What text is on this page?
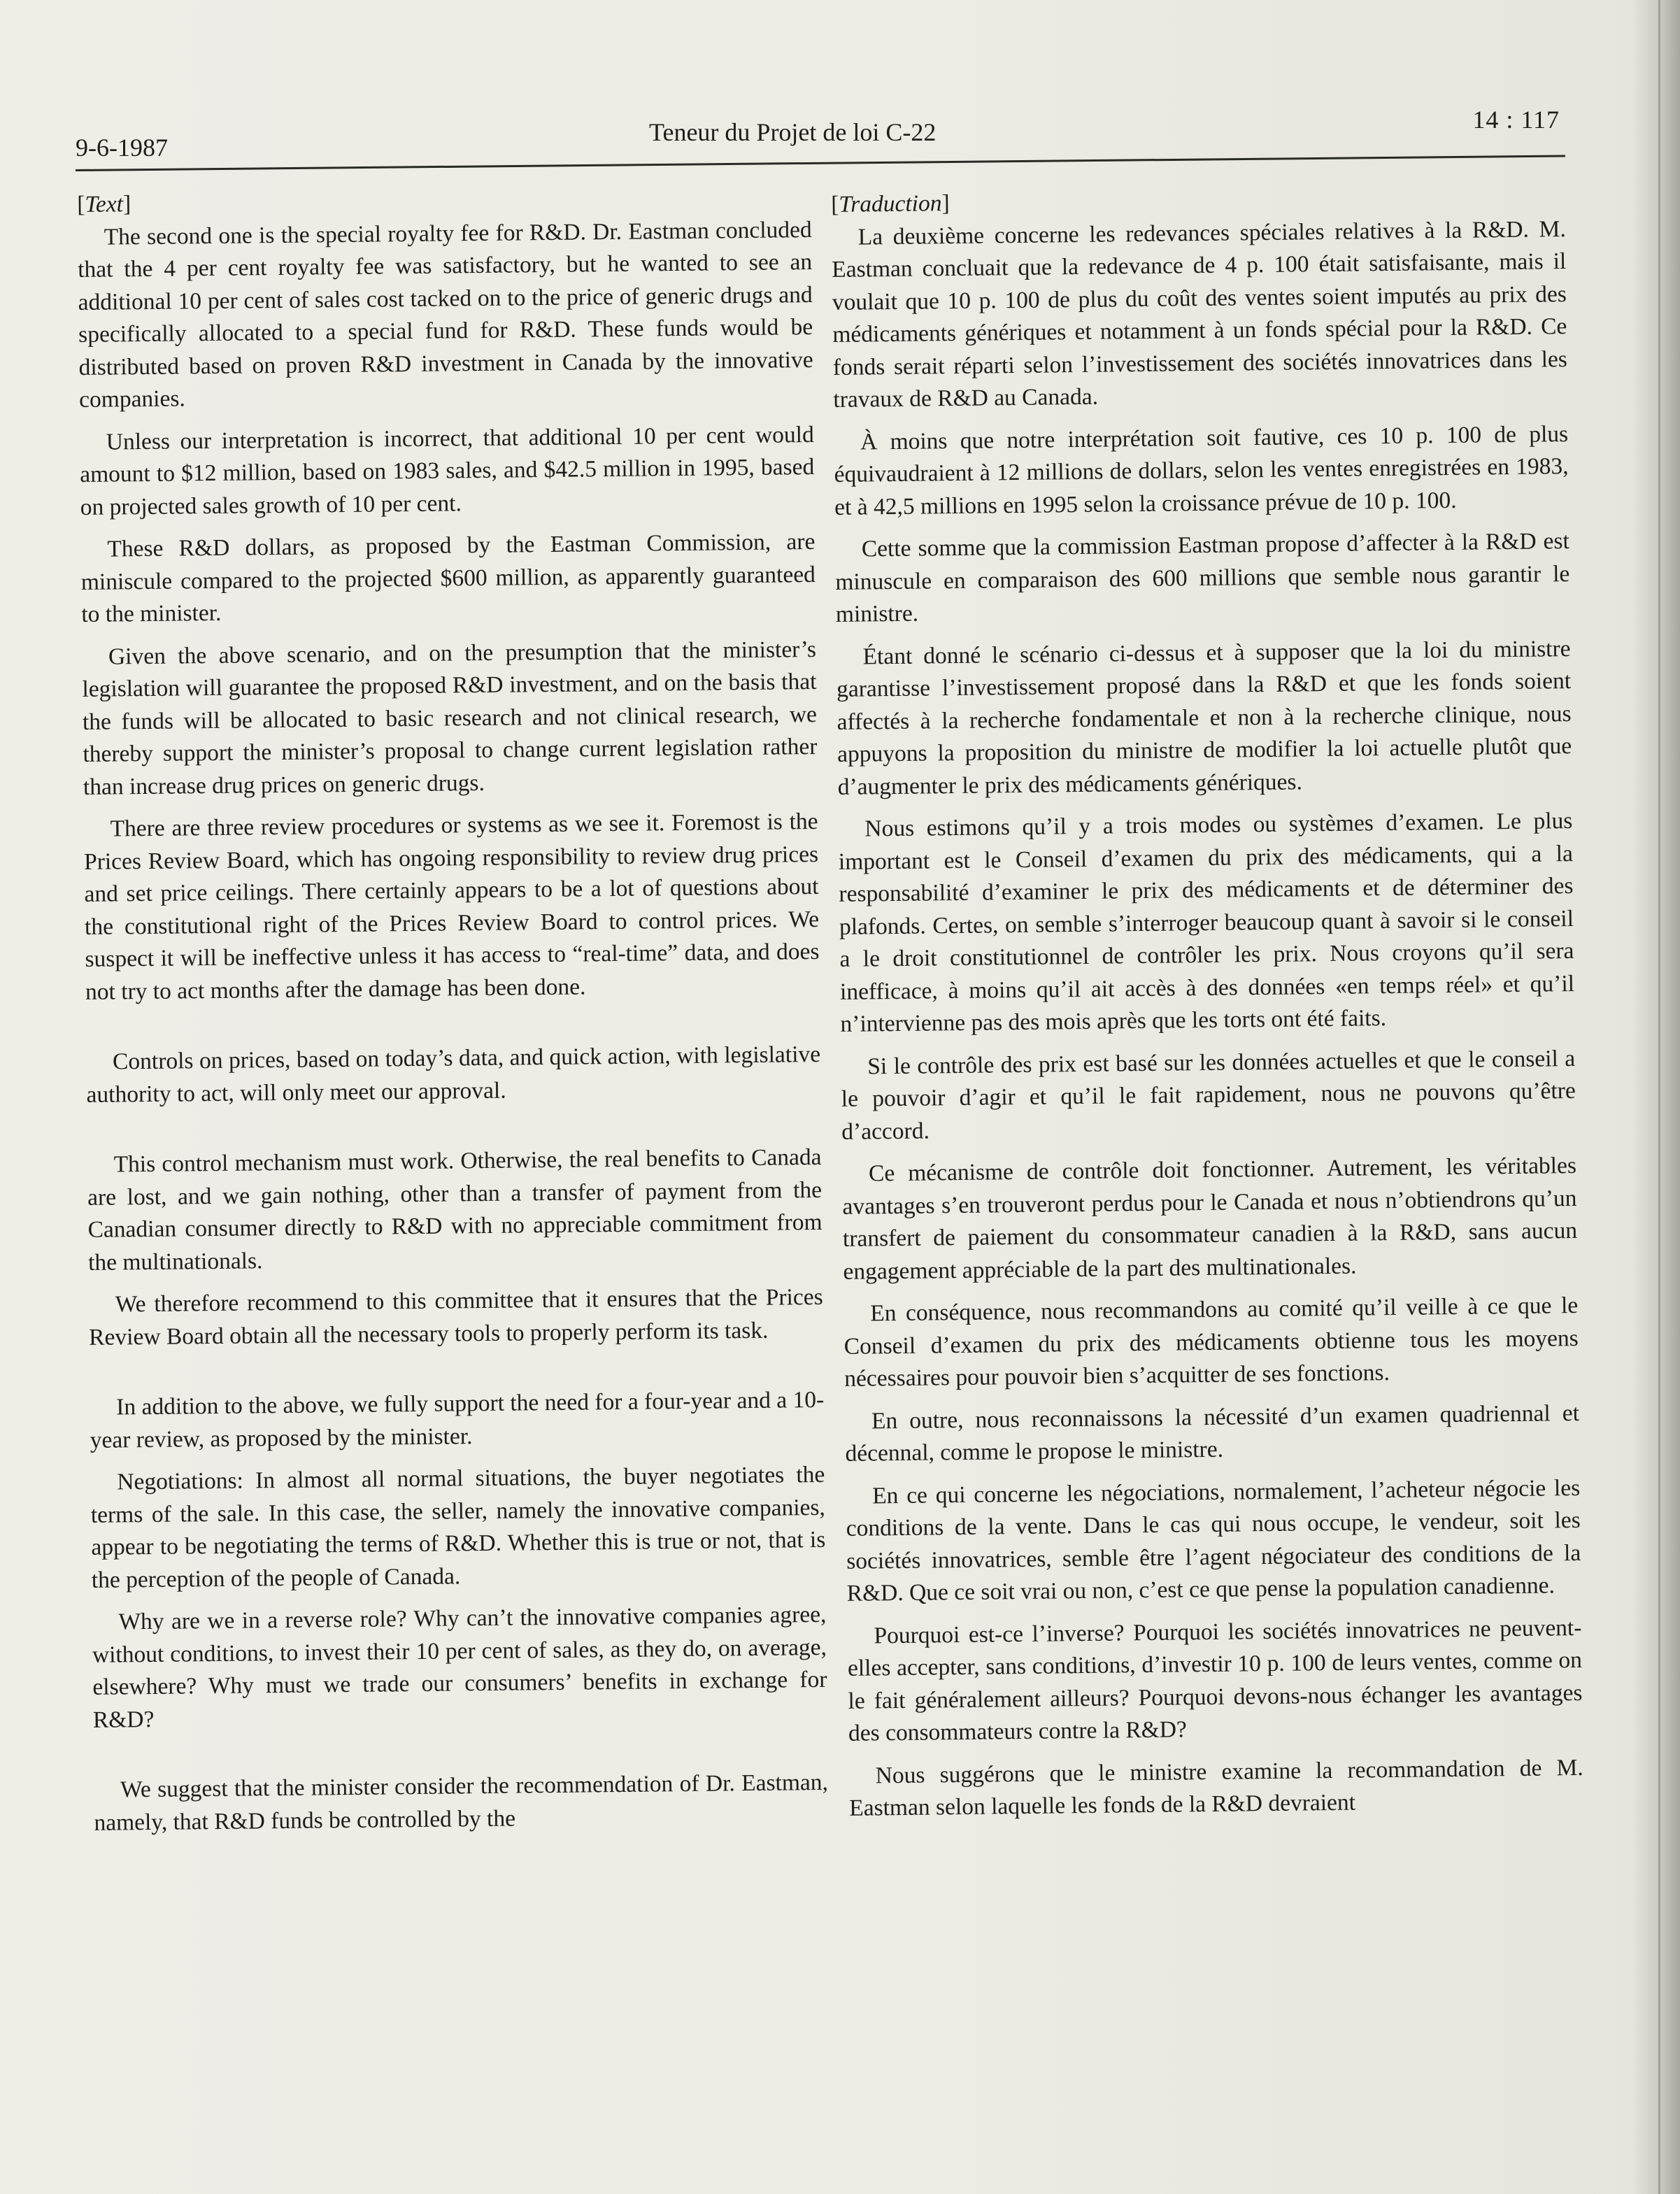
9-6-1987
Teneur du Projet de loi C-22	14 : 117

[Text]

The second one is the special royalty fee for R&D. Dr. Eastman concluded that the 4 per cent royalty fee was satisfactory, but he wanted to see an additional 10 per cent of sales cost tacked on to the price of generic drugs and specifically allocated to a special fund for R&D. These funds would be distributed based on proven R&D investment in Canada by the innovative companies.

Unless our interpretation is incorrect, that additional 10 per cent would amount to $12 million, based on 1983 sales, and $42.5 million in 1995, based on projected sales growth of 10 per cent.

These R&D dollars, as proposed by the Eastman Commission, are miniscule compared to the projected $600 million, as apparently guaranteed to the minister.

Given the above scenario, and on the presumption that the minister’s legislation will guarantee the proposed R&D investment, and on the basis that the funds will be allocated to basic research and not clinical research, we thereby support the minister’s proposal to change current legislation rather than increase drug prices on generic drugs.

There are three review procedures or systems as we see it. Foremost is the Prices Review Board, which has ongoing responsibility to review drug prices and set price ceilings. There certainly appears to be a lot of questions about the constitutional right of the Prices Review Board to control prices. We suspect it will be ineffective unless it has access to “real-time” data, and does not try to act months after the damage has been done.

Controls on prices, based on today’s data, and quick action, with legislative authority to act, will only meet our approval.

This control mechanism must work. Otherwise, the real benefits to Canada are lost, and we gain nothing, other than a transfer of payment from the Canadian consumer directly to R&D with no appreciable commitment from the multinationals.

We therefore recommend to this committee that it ensures that the Prices Review Board obtain all the necessary tools to properly perform its task.

In addition to the above, we fully support the need for a four-year and a 10-year review, as proposed by the minister.

Negotiations: In almost all normal situations, the buyer negotiates the terms of the sale. In this case, the seller, namely the innovative companies, appear to be negotiating the terms of R&D. Whether this is true or not, that is the perception of the people of Canada.

Why are we in a reverse role? Why can’t the innovative companies agree, without conditions, to invest their 10 per cent of sales, as they do, on average, elsewhere? Why must we trade our consumers’ benefits in exchange for R&D?

We suggest that the minister consider the recommendation of Dr. Eastman, namely, that R&D funds be controlled by the

[Traduction]

La deuxième concerne les redevances spéciales relatives à la R&D. M. Eastman concluait que la redevance de 4 p. 100 était satisfaisante, mais il voulait que 10 p. 100 de plus du coût des ventes soient imputés au prix des médicaments génériques et notamment à un fonds spécial pour la R&D. Ce fonds serait réparti selon l’investissement des sociétés innovatrices dans les travaux de R&D au Canada.

À moins que notre interprétation soit fautive, ces 10 p. 100 de plus équivaudraient à 12 millions de dollars, selon les ventes enregistrées en 1983, et à 42,5 millions en 1995 selon la croissance prévue de 10 p. 100.

Cette somme que la commission Eastman propose d’affecter à la R&D est minuscule en comparaison des 600 millions que semble nous garantir le ministre.

Étant donné le scénario ci-dessus et à supposer que la loi du ministre garantisse l’investissement proposé dans la R&D et que les fonds soient affectés à la recherche fondamentale et non à la recherche clinique, nous appuyons la proposition du ministre de modifier la loi actuelle plutôt que d’augmenter le prix des médicaments génériques.

Nous estimons qu’il y a trois modes ou systèmes d’examen. Le plus important est le Conseil d’examen du prix des médicaments, qui a la responsabilité d’examiner le prix des médicaments et de déterminer des plafonds. Certes, on semble s’interroger beaucoup quant à savoir si le conseil a le droit constitutionnel de contrôler les prix. Nous croyons qu’il sera inefficace, à moins qu’il ait accès à des données «en temps réel» et qu’il n’intervienne pas des mois après que les torts ont été faits.

Si le contrôle des prix est basé sur les données actuelles et que le conseil a le pouvoir d’agir et qu’il le fait rapidement, nous ne pouvons qu’être d’accord.

Ce mécanisme de contrôle doit fonctionner. Autrement, les véritables avantages s’en trouveront perdus pour le Canada et nous n’obtiendrons qu’un transfert de paiement du consommateur canadien à la R&D, sans aucun engagement appréciable de la part des multinationales.

En conséquence, nous recommandons au comité qu’il veille à ce que le Conseil d’examen du prix des médicaments obtienne tous les moyens nécessaires pour pouvoir bien s’acquitter de ses fonctions.

En outre, nous reconnaissons la nécessité d’un examen quadriennal et décennal, comme le propose le ministre.

En ce qui concerne les négociations, normalement, l’acheteur négocie les conditions de la vente. Dans le cas qui nous occupe, le vendeur, soit les sociétés innovatrices, semble être l’agent négociateur des conditions de la R&D. Que ce soit vrai ou non, c’est ce que pense la population canadienne.

Pourquoi est-ce l’inverse? Pourquoi les sociétés innovatrices ne peuvent-elles accepter, sans conditions, d’investir 10 p. 100 de leurs ventes, comme on le fait généralement ailleurs? Pourquoi devons-nous échanger les avantages des consommateurs contre la R&D?

Nous suggérons que le ministre examine la recommandation de M. Eastman selon laquelle les fonds de la R&D devraient
